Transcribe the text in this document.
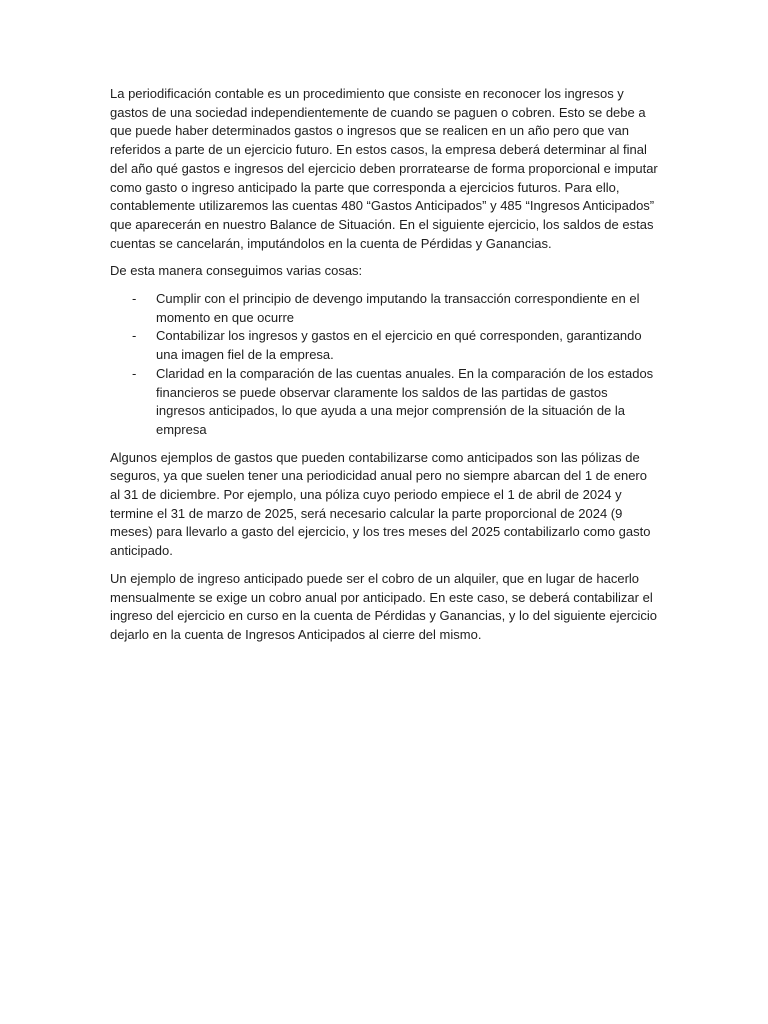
La periodificación contable es un procedimiento que consiste en reconocer los ingresos y gastos de una sociedad independientemente de cuando se paguen o cobren. Esto se debe a que puede haber determinados gastos o ingresos que se realicen en un año pero que van referidos a parte de un ejercicio futuro. En estos casos, la empresa deberá determinar al final del año qué gastos e ingresos del ejercicio deben prorratearse de forma proporcional e imputar como gasto o ingreso anticipado la parte que corresponda a ejercicios futuros. Para ello, contablemente utilizaremos las cuentas 480 “Gastos Anticipados” y 485 “Ingresos Anticipados” que aparecerán en nuestro Balance de Situación. En el siguiente ejercicio, los saldos de estas cuentas se cancelarán, imputándolos en la cuenta de Pérdidas y Ganancias.

De esta manera conseguimos varias cosas:

- Cumplir con el principio de devengo imputando la transacción correspondiente en el momento en que ocurre
- Contabilizar los ingresos y gastos en el ejercicio en qué corresponden, garantizando una imagen fiel de la empresa.
- Claridad en la comparación de las cuentas anuales. En la comparación de los estados financieros se puede observar claramente los saldos de las partidas de gastos ingresos anticipados, lo que ayuda a una mejor comprensión de la situación de la empresa

Algunos ejemplos de gastos que pueden contabilizarse como anticipados son las pólizas de seguros, ya que suelen tener una periodicidad anual pero no siempre abarcan del 1 de enero al 31 de diciembre. Por ejemplo, una póliza cuyo periodo empiece el 1 de abril de 2024 y termine el 31 de marzo de 2025, será necesario calcular la parte proporcional de 2024 (9 meses) para llevarlo a gasto del ejercicio, y los tres meses del 2025 contabilizarlo como gasto anticipado.

Un ejemplo de ingreso anticipado puede ser el cobro de un alquiler, que en lugar de hacerlo mensualmente se exige un cobro anual por anticipado. En este caso, se deberá contabilizar el ingreso del ejercicio en curso en la cuenta de Pérdidas y Ganancias, y lo del siguiente ejercicio dejarlo en la cuenta de Ingresos Anticipados al cierre del mismo.
